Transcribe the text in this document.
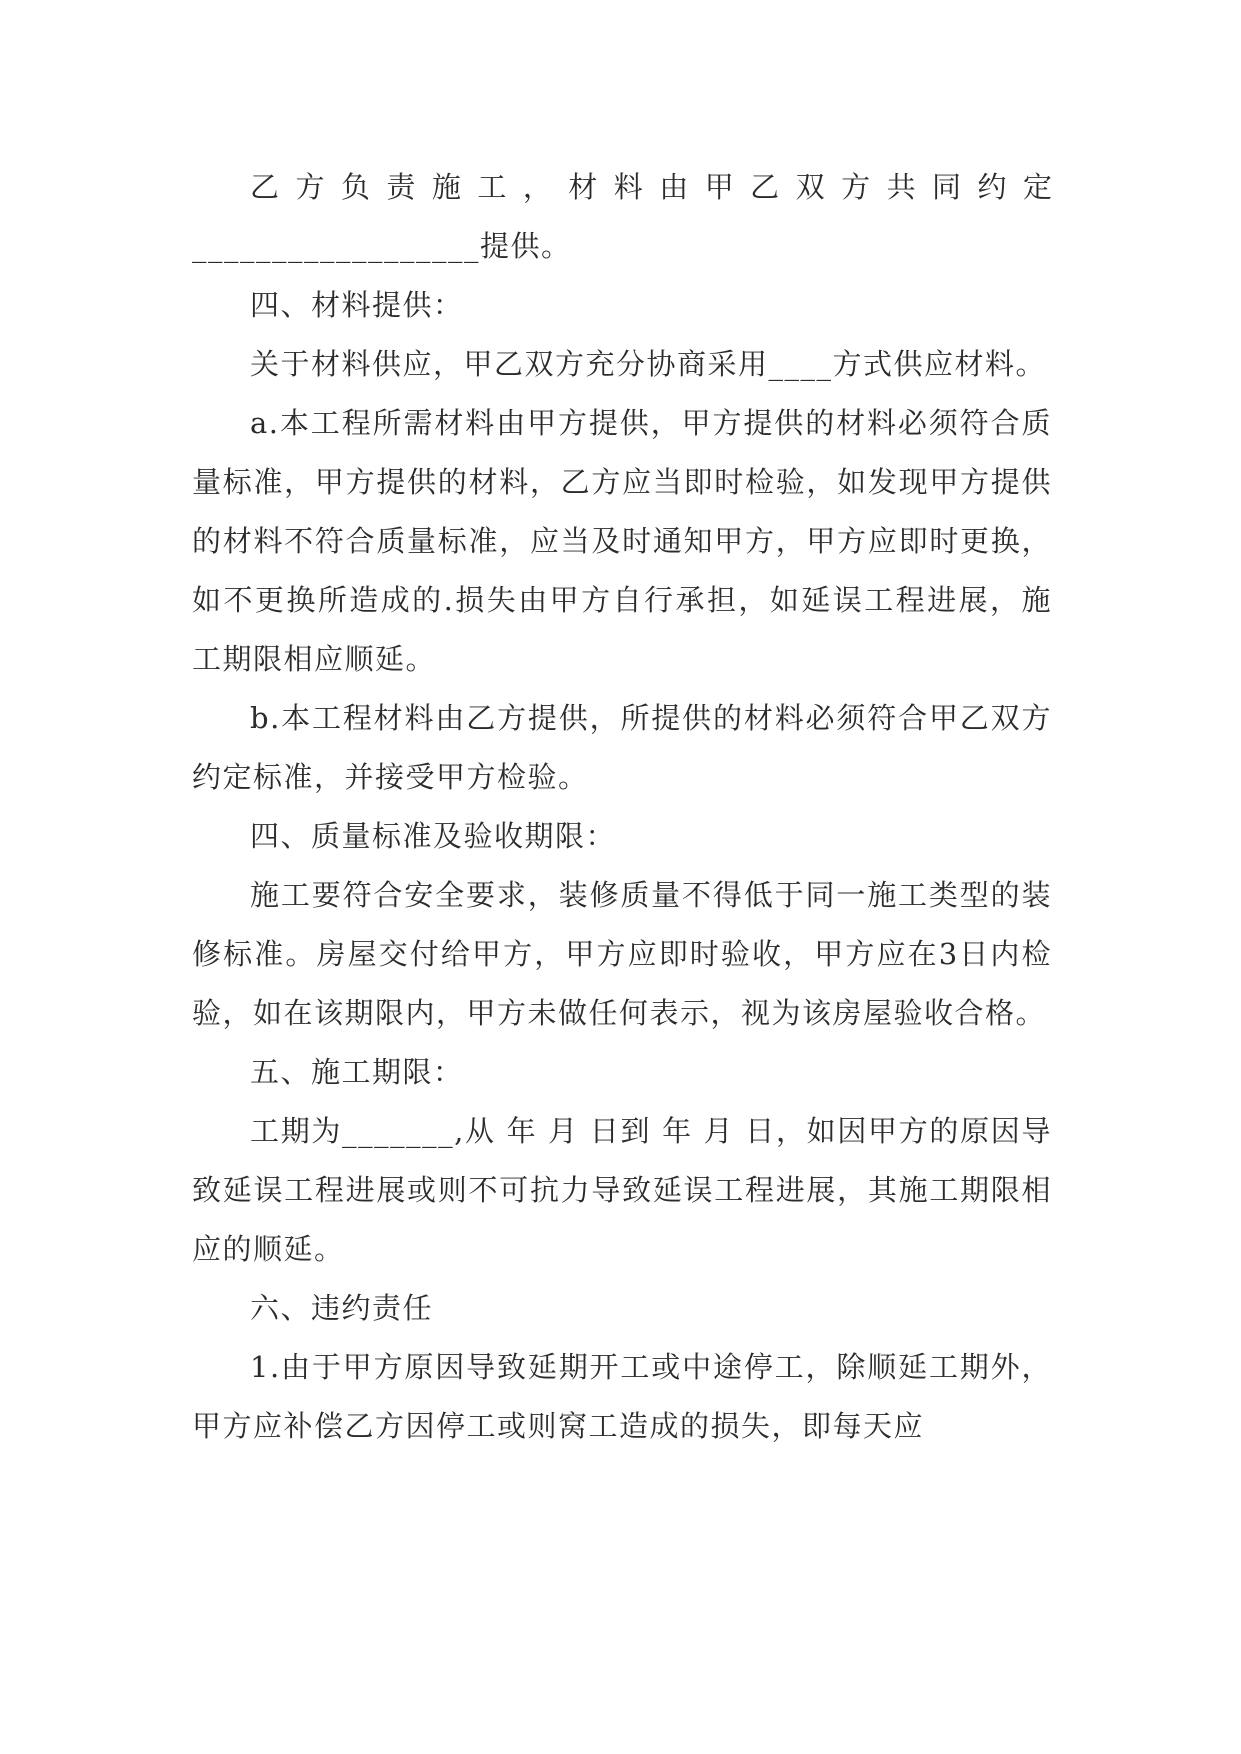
乙方负责施工，材料由甲乙双方共同约定

__________________提供。

四、材料提供：

关于材料供应，甲乙双方充分协商采用____方式供应材料。

a.本工程所需材料由甲方提供，甲方提供的材料必须符合质量标准，甲方提供的材料，乙方应当即时检验，如发现甲方提供的材料不符合质量标准，应当及时通知甲方，甲方应即时更换，如不更换所造成的.损失由甲方自行承担，如延误工程进展，施工期限相应顺延。

b.本工程材料由乙方提供，所提供的材料必须符合甲乙双方约定标准，并接受甲方检验。

四、质量标准及验收期限：

施工要符合安全要求，装修质量不得低于同一施工类型的装修标准。房屋交付给甲方，甲方应即时验收，甲方应在3日内检验，如在该期限内，甲方未做任何表示，视为该房屋验收合格。

五、施工期限：

工期为_______,从 年 月 日到 年 月 日，如因甲方的原因导致延误工程进展或则不可抗力导致延误工程进展，其施工期限相应的顺延。

六、违约责任

1.由于甲方原因导致延期开工或中途停工，除顺延工期外，甲方应补偿乙方因停工或则窝工造成的损失，即每天应
